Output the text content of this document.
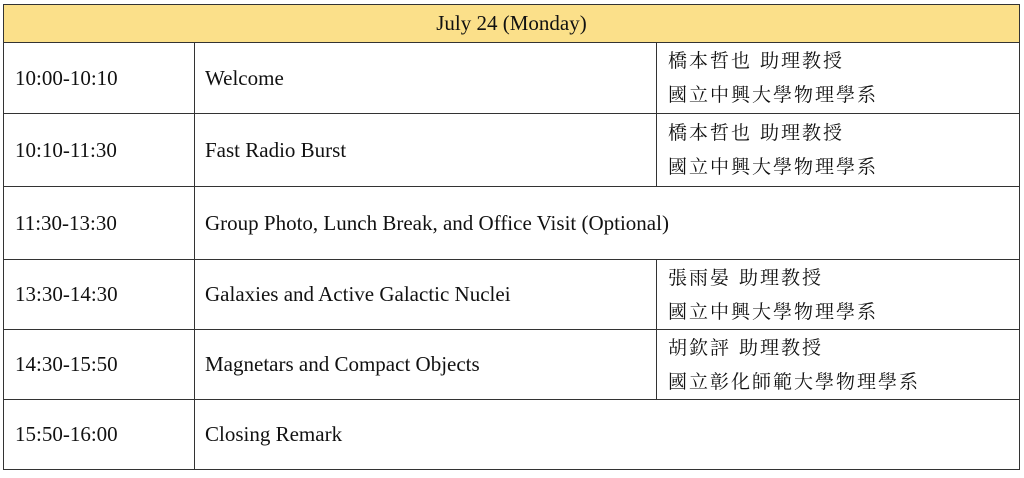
July 24 (Monday)		
10:00-10:10	Welcome	橋本哲也 助理教授
國立中興大學物理學系

10:10-11:30	Fast Radio Burst	橋本哲也 助理教授
國立中興大學物理學系

11:30-13:30	Group Photo, Lunch Break, and Office Visit (Optional)	
13:30-14:30	Galaxies and Active Galactic Nuclei	張雨晏 助理教授
國立中興大學物理學系

14:30-15:50	Magnetars and Compact Objects	胡欽評 助理教授
國立彰化師範大學物理學系

15:50-16:00	Closing Remark	
